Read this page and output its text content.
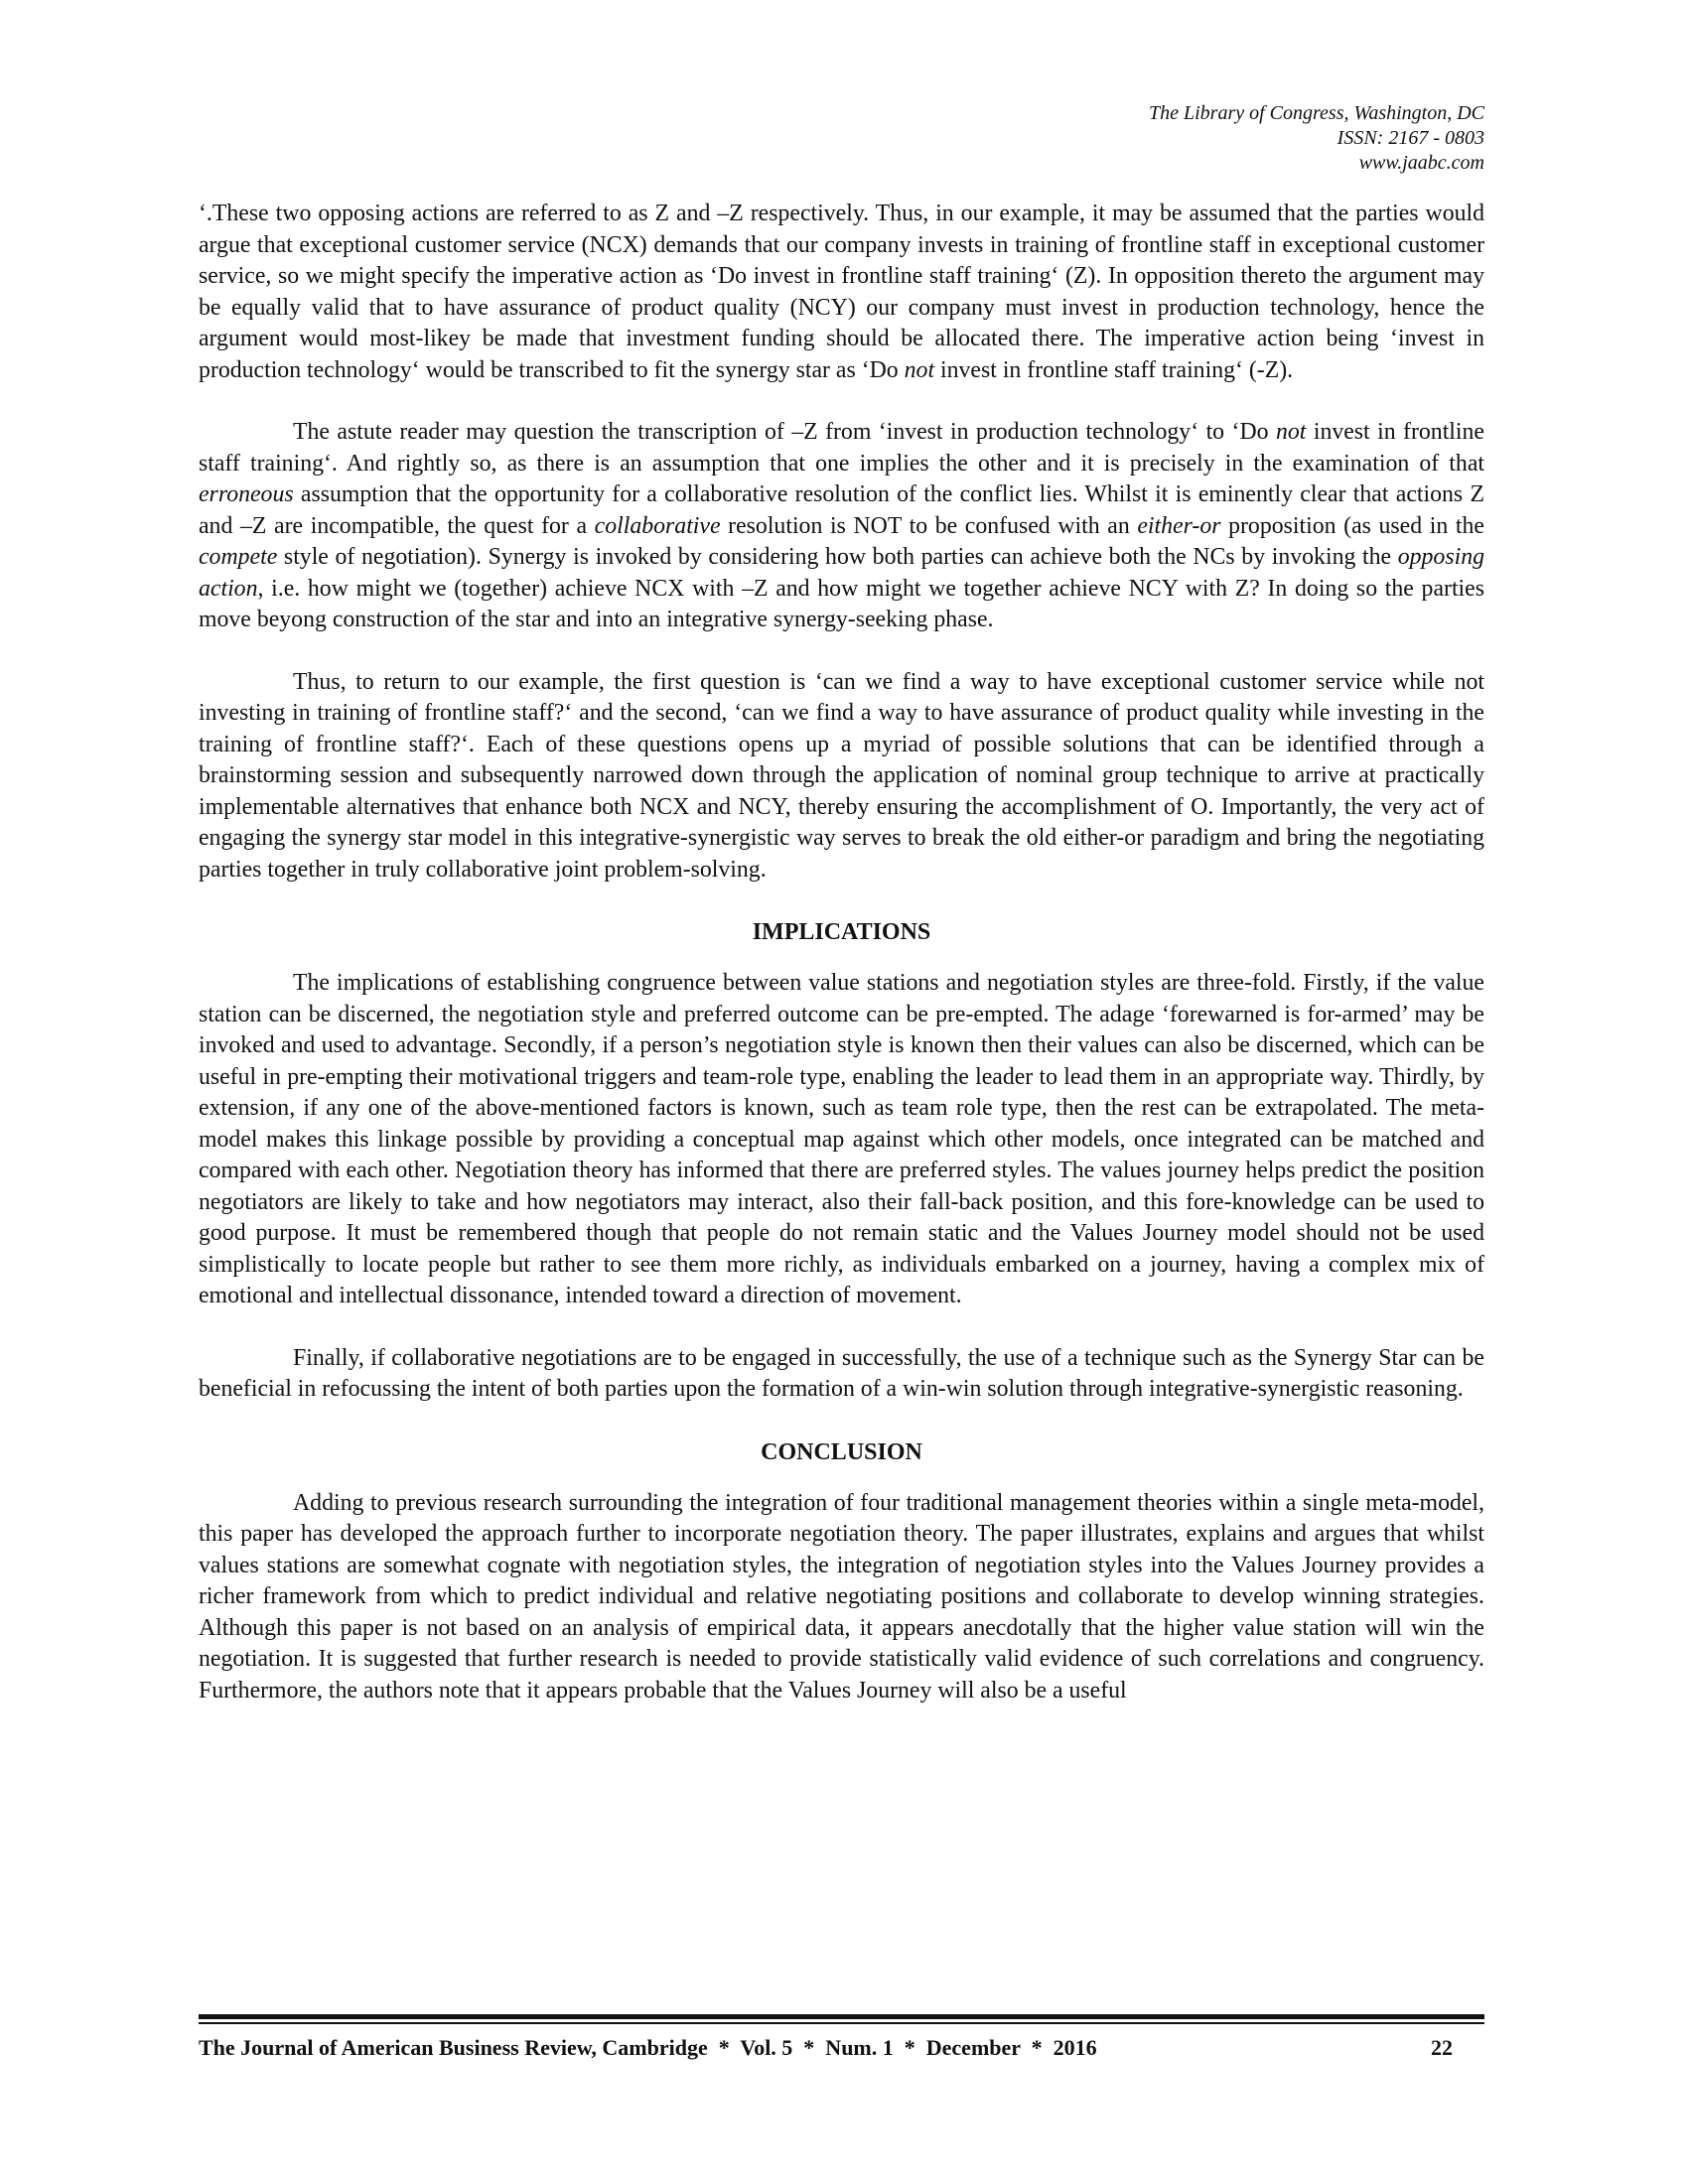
The Library of Congress, Washington, DC
ISSN: 2167 - 0803
www.jaabc.com

‘.These two opposing actions are referred to as Z and –Z respectively. Thus, in our example, it may be assumed that the parties would argue that exceptional customer service (NCX) demands that our company invests in training of frontline staff in exceptional customer service, so we might specify the imperative action as ‘Do invest in frontline staff training‘ (Z). In opposition thereto the argument may be equally valid that to have assurance of product quality (NCY) our company must invest in production technology, hence the argument would most-likey be made that investment funding should be allocated there. The imperative action being ‘invest in production technology‘ would be transcribed to fit the synergy star as ‘Do not invest in frontline staff training‘ (-Z).

The astute reader may question the transcription of –Z from ‘invest in production technology‘ to ‘Do not invest in frontline staff training‘. And rightly so, as there is an assumption that one implies the other and it is precisely in the examination of that erroneous assumption that the opportunity for a collaborative resolution of the conflict lies. Whilst it is eminently clear that actions Z and –Z are incompatible, the quest for a collaborative resolution is NOT to be confused with an either-or proposition (as used in the compete style of negotiation). Synergy is invoked by considering how both parties can achieve both the NCs by invoking the opposing action, i.e. how might we (together) achieve NCX with –Z and how might we together achieve NCY with Z? In doing so the parties move beyong construction of the star and into an integrative synergy-seeking phase.

Thus, to return to our example, the first question is ‘can we find a way to have exceptional customer service while not investing in training of frontline staff?‘ and the second, ‘can we find a way to have assurance of product quality while investing in the training of frontline staff?‘. Each of these questions opens up a myriad of possible solutions that can be identified through a brainstorming session and subsequently narrowed down through the application of nominal group technique to arrive at practically implementable alternatives that enhance both NCX and NCY, thereby ensuring the accomplishment of O. Importantly, the very act of engaging the synergy star model in this integrative-synergistic way serves to break the old either-or paradigm and bring the negotiating parties together in truly collaborative joint problem-solving.

IMPLICATIONS

The implications of establishing congruence between value stations and negotiation styles are three-fold. Firstly, if the value station can be discerned, the negotiation style and preferred outcome can be pre-empted. The adage ‘forewarned is for-armed’ may be invoked and used to advantage. Secondly, if a person’s negotiation style is known then their values can also be discerned, which can be useful in pre-empting their motivational triggers and team-role type, enabling the leader to lead them in an appropriate way. Thirdly, by extension, if any one of the above-mentioned factors is known, such as team role type, then the rest can be extrapolated. The meta-model makes this linkage possible by providing a conceptual map against which other models, once integrated can be matched and compared with each other. Negotiation theory has informed that there are preferred styles. The values journey helps predict the position negotiators are likely to take and how negotiators may interact, also their fall-back position, and this fore-knowledge can be used to good purpose. It must be remembered though that people do not remain static and the Values Journey model should not be used simplistically to locate people but rather to see them more richly, as individuals embarked on a journey, having a complex mix of emotional and intellectual dissonance, intended toward a direction of movement.

Finally, if collaborative negotiations are to be engaged in successfully, the use of a technique such as the Synergy Star can be beneficial in refocussing the intent of both parties upon the formation of a win-win solution through integrative-synergistic reasoning.

CONCLUSION

Adding to previous research surrounding the integration of four traditional management theories within a single meta-model, this paper has developed the approach further to incorporate negotiation theory. The paper illustrates, explains and argues that whilst values stations are somewhat cognate with negotiation styles, the integration of negotiation styles into the Values Journey provides a richer framework from which to predict individual and relative negotiating positions and collaborate to develop winning strategies. Although this paper is not based on an analysis of empirical data, it appears anecdotally that the higher value station will win the negotiation. It is suggested that further research is needed to provide statistically valid evidence of such correlations and congruency. Furthermore, the authors note that it appears probable that the Values Journey will also be a useful

The Journal of American Business Review, Cambridge  *  Vol. 5  *  Num. 1  *  December  *  2016	22
